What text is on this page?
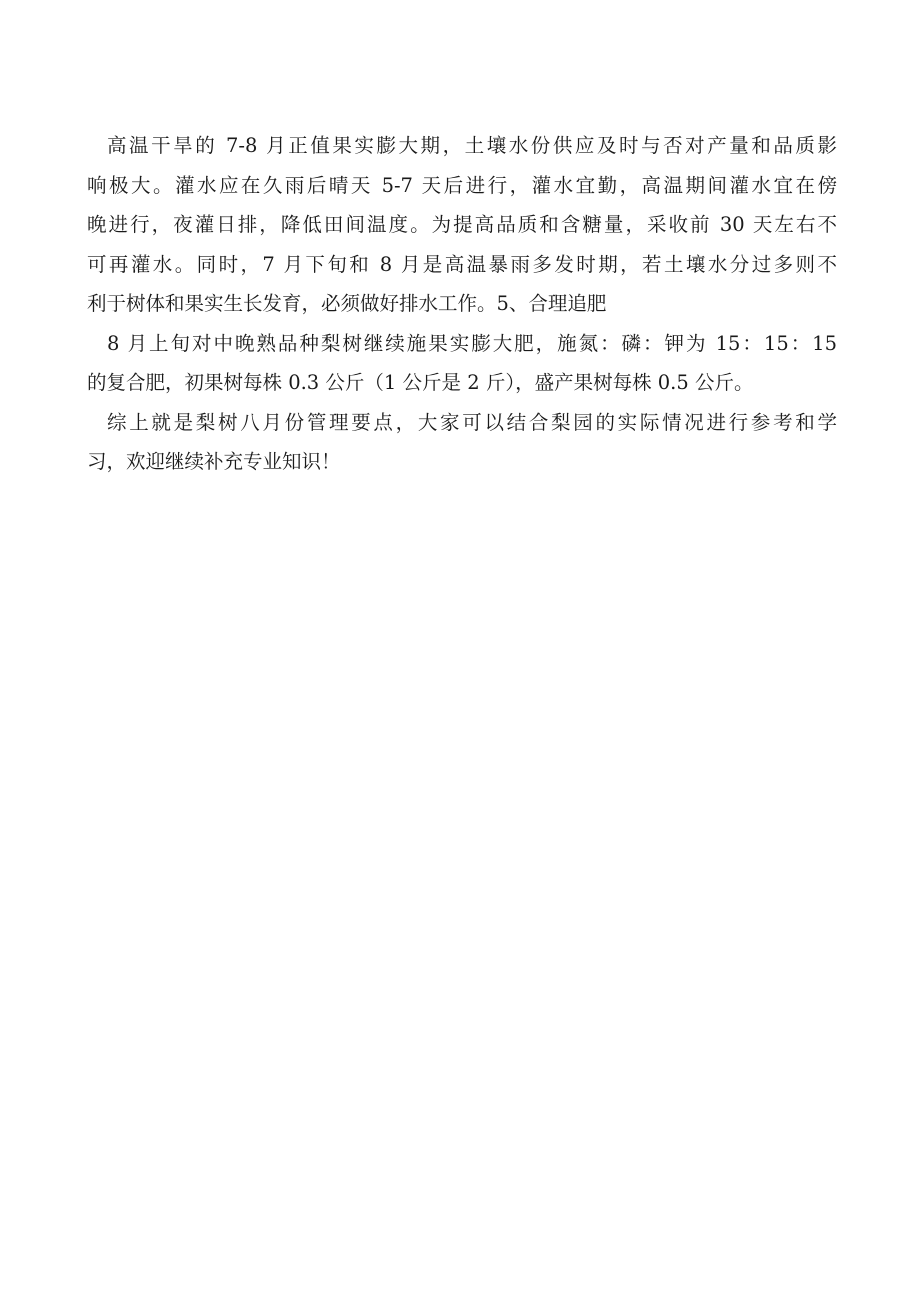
高温干旱的 7-8 月正值果实膨大期，土壤水份供应及时与否对产量和品质影
响极大。灌水应在久雨后晴天 5-7 天后进行，灌水宜勤，高温期间灌水宜在傍
晚进行，夜灌日排，降低田间温度。为提高品质和含糖量，采收前 30 天左右不
可再灌水。同时，7 月下旬和 8 月是高温暴雨多发时期，若土壤水分过多则不
利于树体和果实生长发育，必须做好排水工作。5、合理追肥
8 月上旬对中晚熟品种梨树继续施果实膨大肥，施氮：磷：钾为 15：15：15
的复合肥，初果树每株 0.3 公斤（1 公斤是 2 斤），盛产果树每株 0.5 公斤。
综上就是梨树八月份管理要点，大家可以结合梨园的实际情况进行参考和学
习，欢迎继续补充专业知识！
